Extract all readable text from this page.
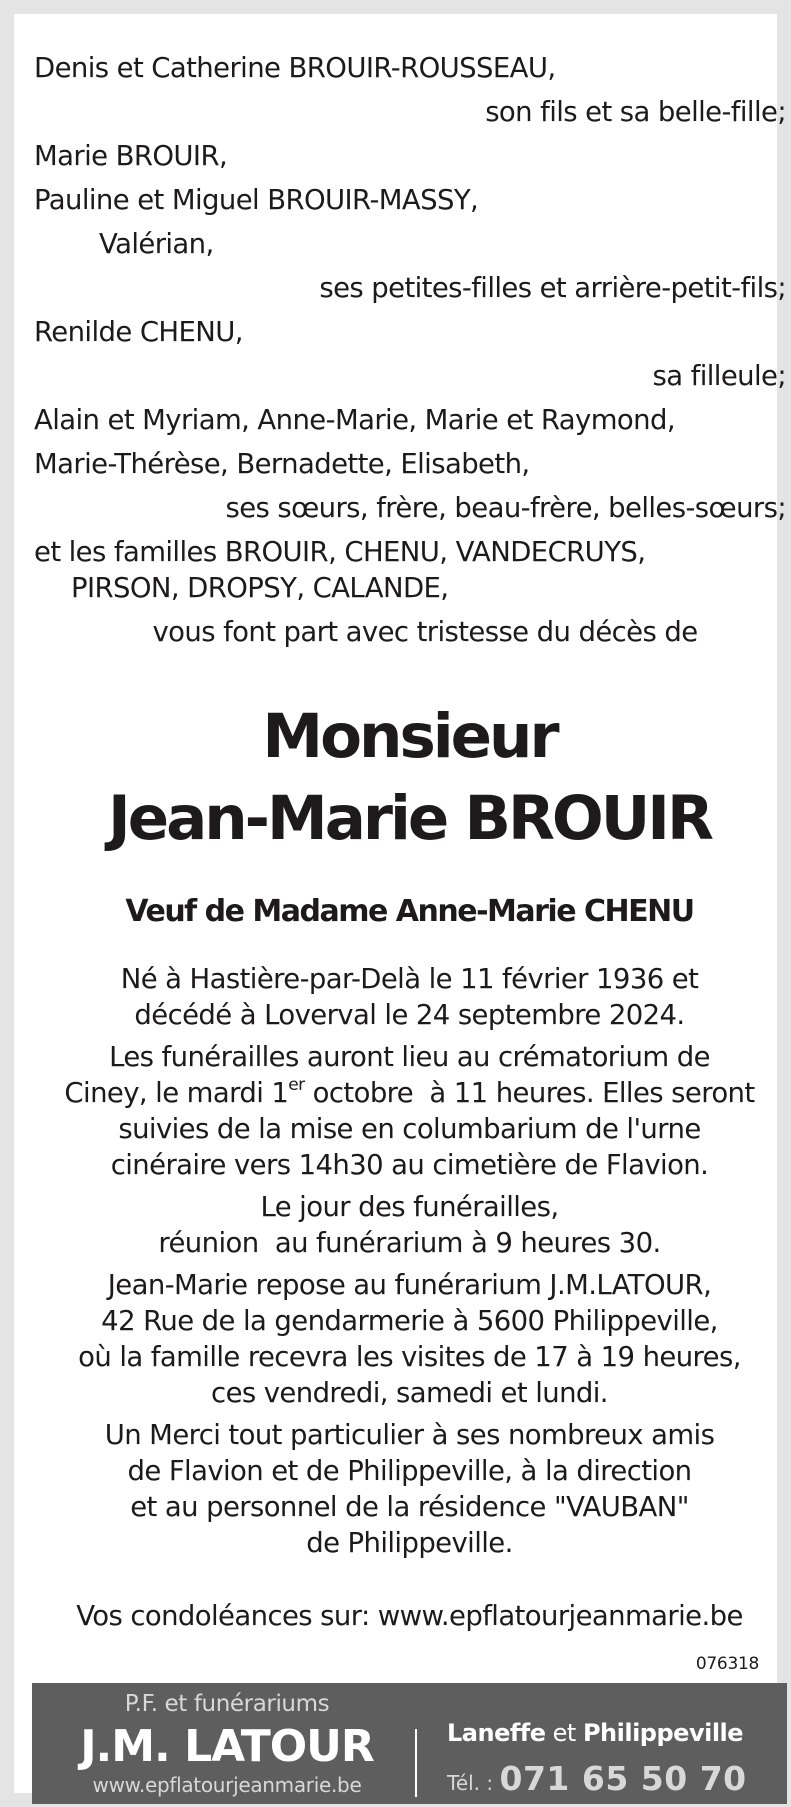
Denis et Catherine BROUIR-ROUSSEAU,
son fils et sa belle-fille;
Marie BROUIR,
Pauline et Miguel BROUIR-MASSY,
Valérian,
ses petites-filles et arrière-petit-fils;
Renilde CHENU,
sa filleule;
Alain et Myriam, Anne-Marie, Marie et Raymond,
Marie-Thérèse, Bernadette, Elisabeth,
ses sœurs, frère, beau-frère, belles-sœurs;
et les familles BROUIR, CHENU, VANDECRUYS,
PIRSON, DROPSY, CALANDE,
vous font part avec tristesse du décès de
Monsieur
Jean-Marie BROUIR
Veuf de Madame Anne-Marie CHENU

Né à Hastière-par-Delà le 11 février 1936 et
décédé à Loverval le 24 septembre 2024.

Les funérailles auront lieu au crématorium de
Ciney, le mardi 1er octobre  à 11 heures. Elles seront
suivies de la mise en columbarium de l'urne
cinéraire vers 14h30 au cimetière de Flavion.

Le jour des funérailles,
réunion  au funérarium à 9 heures 30.

Jean-Marie repose au funérarium J.M.LATOUR,
42 Rue de la gendarmerie à 5600 Philippeville,
où la famille recevra les visites de 17 à 19 heures,
ces vendredi, samedi et lundi.

Un Merci tout particulier à ses nombreux amis
de Flavion et de Philippeville, à la direction
et au personnel de la résidence "VAUBAN"
de Philippeville.

Vos condoléances sur: www.epflatourjeanmarie.be
076318
P.F. et funérariums
J.M. LATOUR
www.epflatourjeanmarie.be
Laneffe et Philippeville
Tél. : 071 65 50 70
